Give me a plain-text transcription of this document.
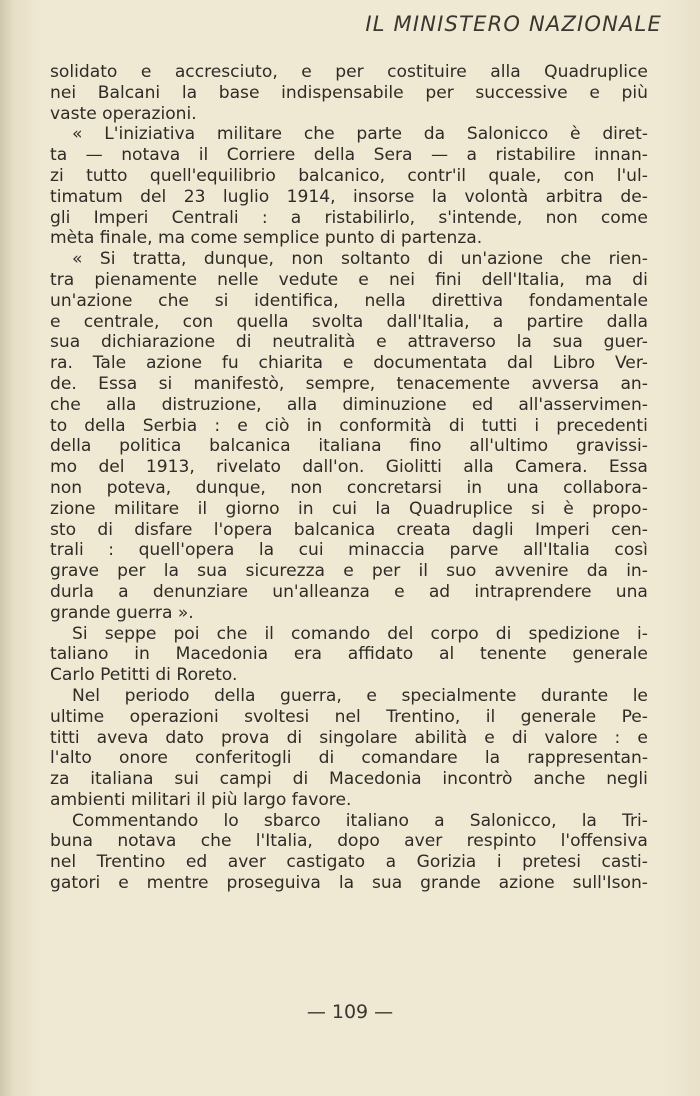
IL MINISTERO NAZIONALE
solidato e accresciuto, e per costituire alla Quadruplice
nei Balcani la base indispensabile per successive e più
vaste operazioni.
« L'iniziativa militare che parte da Salonicco è diret-
ta — notava il Corriere della Sera — a ristabilire innan-
zi tutto quell'equilibrio balcanico, contr'il quale, con l'ul-
timatum del 23 luglio 1914, insorse la volontà arbitra de-
gli Imperi Centrali : a ristabilirlo, s'intende, non come
mèta finale, ma come semplice punto di partenza.
« Si tratta, dunque, non soltanto di un'azione che rien-
tra pienamente nelle vedute e nei fini dell'Italia, ma di
un'azione che si identifica, nella direttiva fondamentale
e centrale, con quella svolta dall'Italia, a partire dalla
sua dichiarazione di neutralità e attraverso la sua guer-
ra. Tale azione fu chiarita e documentata dal Libro Ver-
de. Essa si manifestò, sempre, tenacemente avversa an-
che alla distruzione, alla diminuzione ed all'asservimen-
to della Serbia : e ciò in conformità di tutti i precedenti
della politica balcanica italiana fino all'ultimo gravissi-
mo del 1913, rivelato dall'on. Giolitti alla Camera. Essa
non poteva, dunque, non concretarsi in una collabora-
zione militare il giorno in cui la Quadruplice si è propo-
sto di disfare l'opera balcanica creata dagli Imperi cen-
trali : quell'opera la cui minaccia parve all'Italia così
grave per la sua sicurezza e per il suo avvenire da in-
durla a denunziare un'alleanza e ad intraprendere una
grande guerra ».
Si seppe poi che il comando del corpo di spedizione i-
taliano in Macedonia era affidato al tenente generale
Carlo Petitti di Roreto.
Nel periodo della guerra, e specialmente durante le
ultime operazioni svoltesi nel Trentino, il generale Pe-
titti aveva dato prova di singolare abilità e di valore : e
l'alto onore conferitogli di comandare la rappresentan-
za italiana sui campi di Macedonia incontrò anche negli
ambienti militari il più largo favore.
Commentando lo sbarco italiano a Salonicco, la Tri-
buna notava che l'Italia, dopo aver respinto l'offensiva
nel Trentino ed aver castigato a Gorizia i pretesi casti-
gatori e mentre proseguiva la sua grande azione sull'Ison-
— 109 —
